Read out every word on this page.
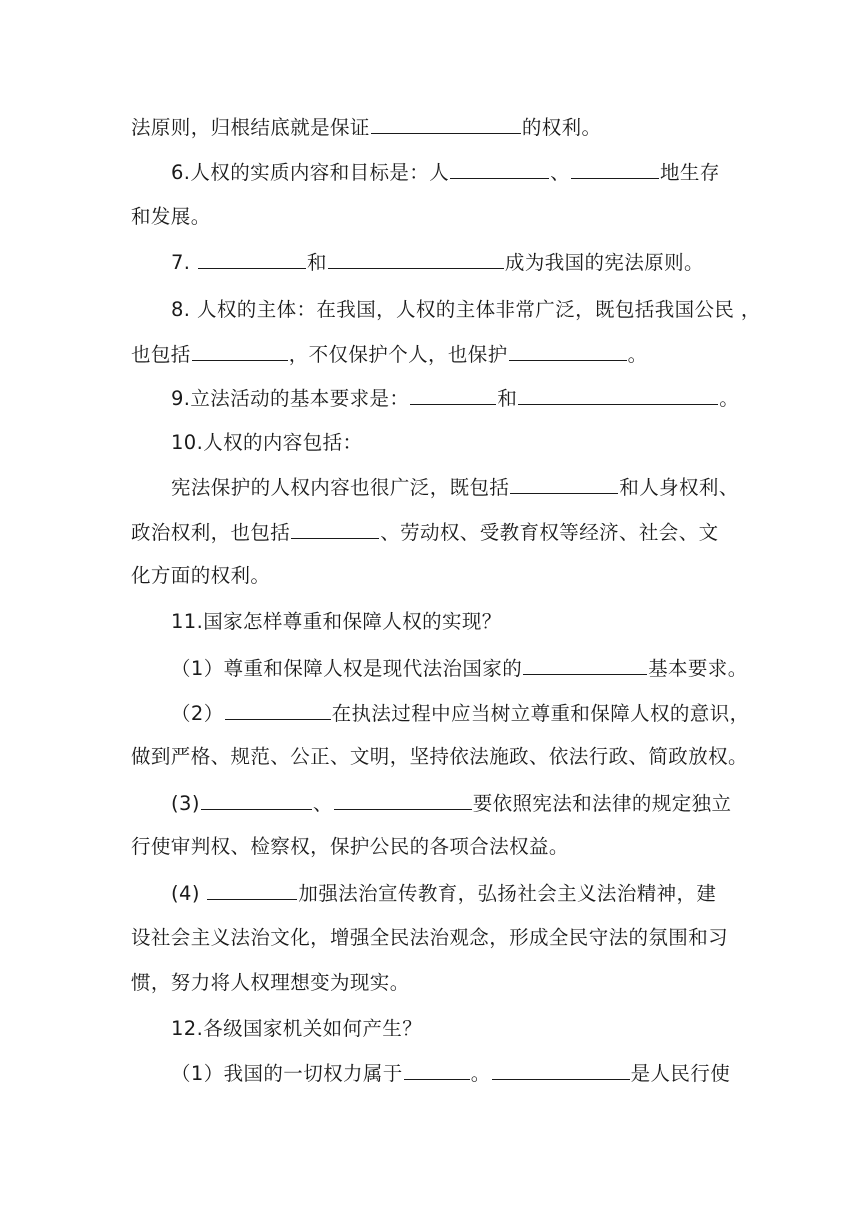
法原则，归根结底就是保证	的权利。
6.人权的实质内容和目标是：人	、	地生存
和发展。
7.	和	成为我国的宪法原则。
8. 人权的主体：在我国，人权的主体非常广泛，既包括我国公民 ，
也包括	，不仅保护个人，也保护	。
9.立法活动的基本要求是：	和	。
10.人权的内容包括：
宪法保护的人权内容也很广泛，既包括	和人身权利、
政治权利，也包括	、劳动权、受教育权等经济、社会、文
化方面的权利。
11.国家怎样尊重和保障人权的实现？
（1）尊重和保障人权是现代法治国家的	基本要求。
（2）	在执法过程中应当树立尊重和保障人权的意识，
做到严格、规范、公正、文明，坚持依法施政、依法行政、简政放权。
(3)	、	要依照宪法和法律的规定独立
行使审判权、检察权，保护公民的各项合法权益。
(4)	加强法治宣传教育，弘扬社会主义法治精神，建
设社会主义法治文化，增强全民法治观念，形成全民守法的氛围和习
惯，努力将人权理想变为现实。
12.各级国家机关如何产生？
（1）我国的一切权力属于	。	是人民行使
